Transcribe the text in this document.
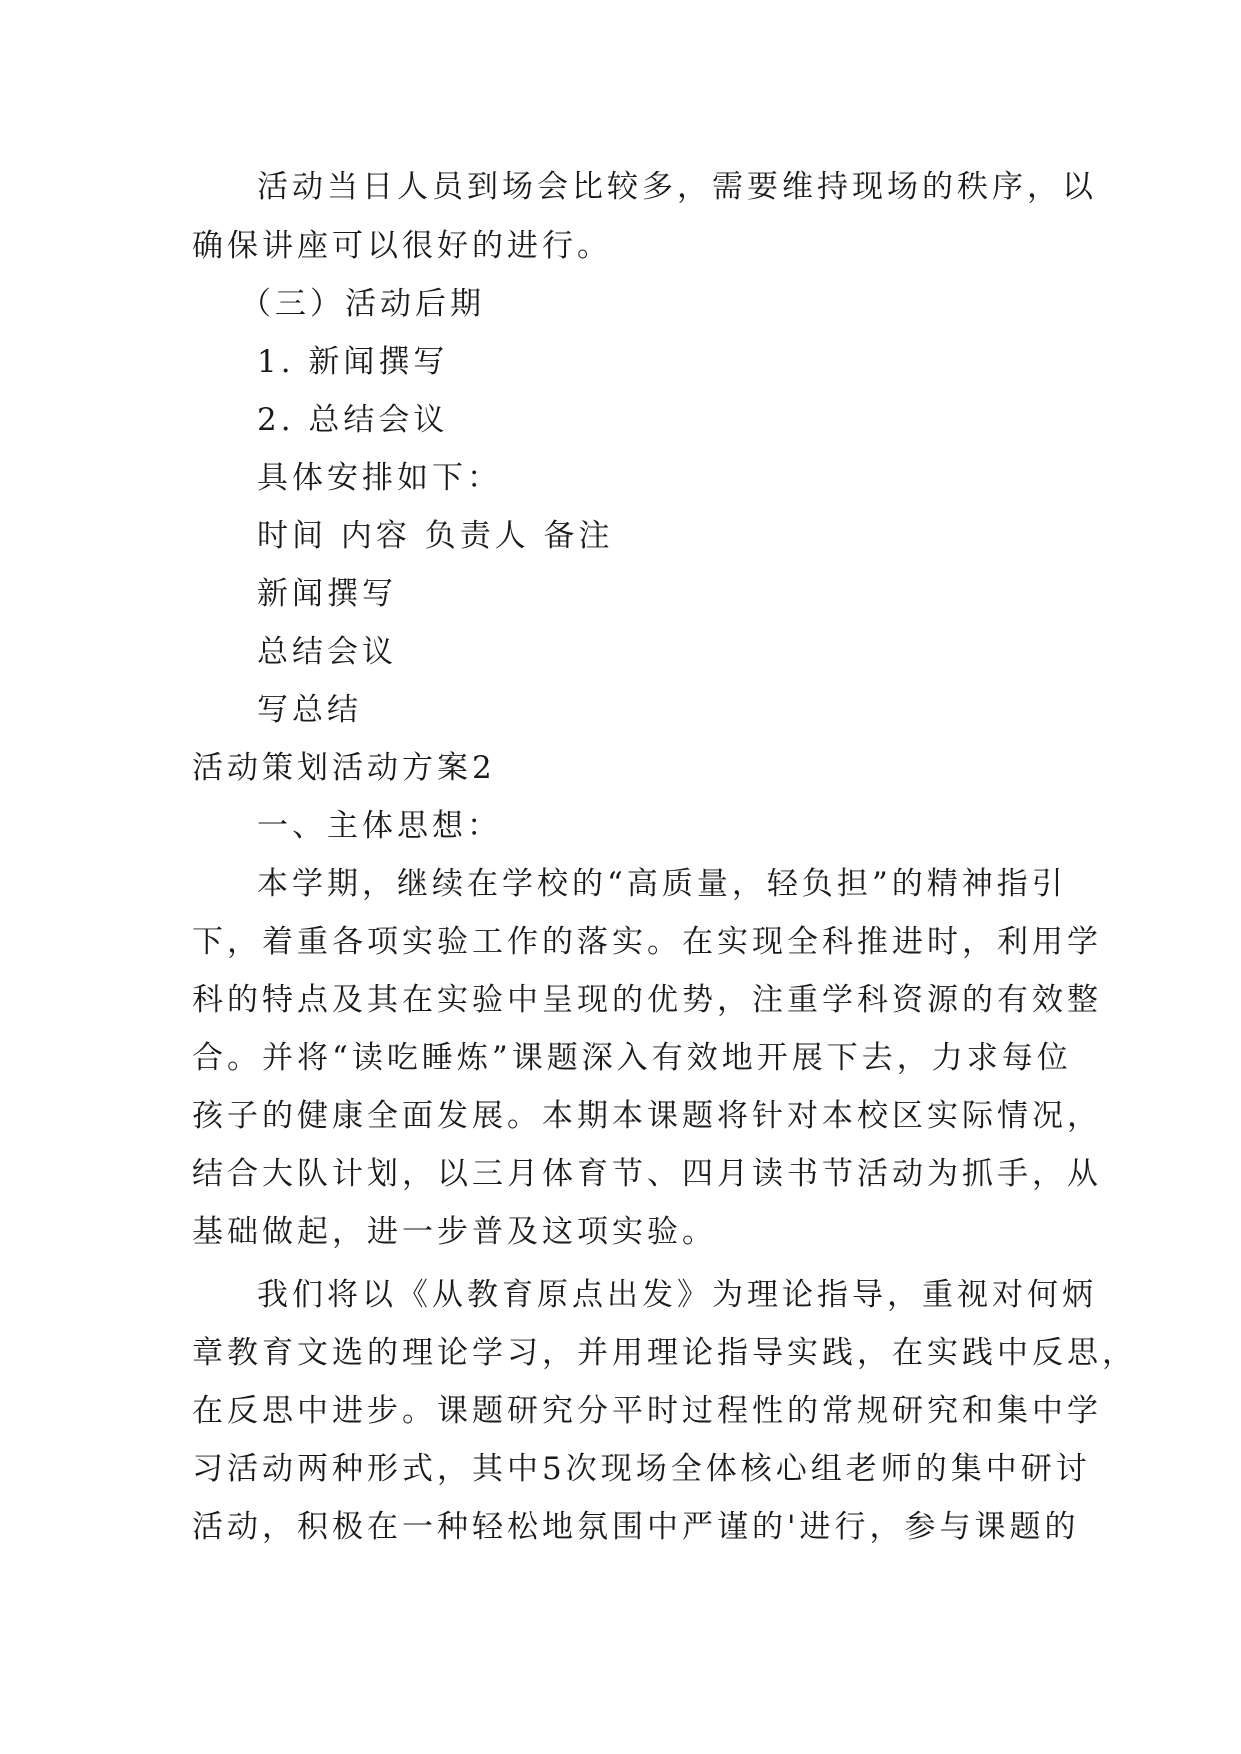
活动当日人员到场会比较多，需要维持现场的秩序，以

确保讲座可以很好的进行。

（三）活动后期

1. 新闻撰写

2. 总结会议

具体安排如下：

时间 内容 负责人 备注

新闻撰写

总结会议

写总结

活动策划活动方案2

一、主体思想：

本学期，继续在学校的“高质量，轻负担”的精神指引

下，着重各项实验工作的落实。在实现全科推进时，利用学

科的特点及其在实验中呈现的优势，注重学科资源的有效整

合。并将“读吃睡炼”课题深入有效地开展下去，力求每位

孩子的健康全面发展。本期本课题将针对本校区实际情况，

结合大队计划，以三月体育节、四月读书节活动为抓手，从

基础做起，进一步普及这项实验。

我们将以《从教育原点出发》为理论指导，重视对何炳

章教育文选的理论学习，并用理论指导实践，在实践中反思，

在反思中进步。课题研究分平时过程性的常规研究和集中学

习活动两种形式，其中5次现场全体核心组老师的集中研讨

活动，积极在一种轻松地氛围中严谨的'进行，参与课题的
